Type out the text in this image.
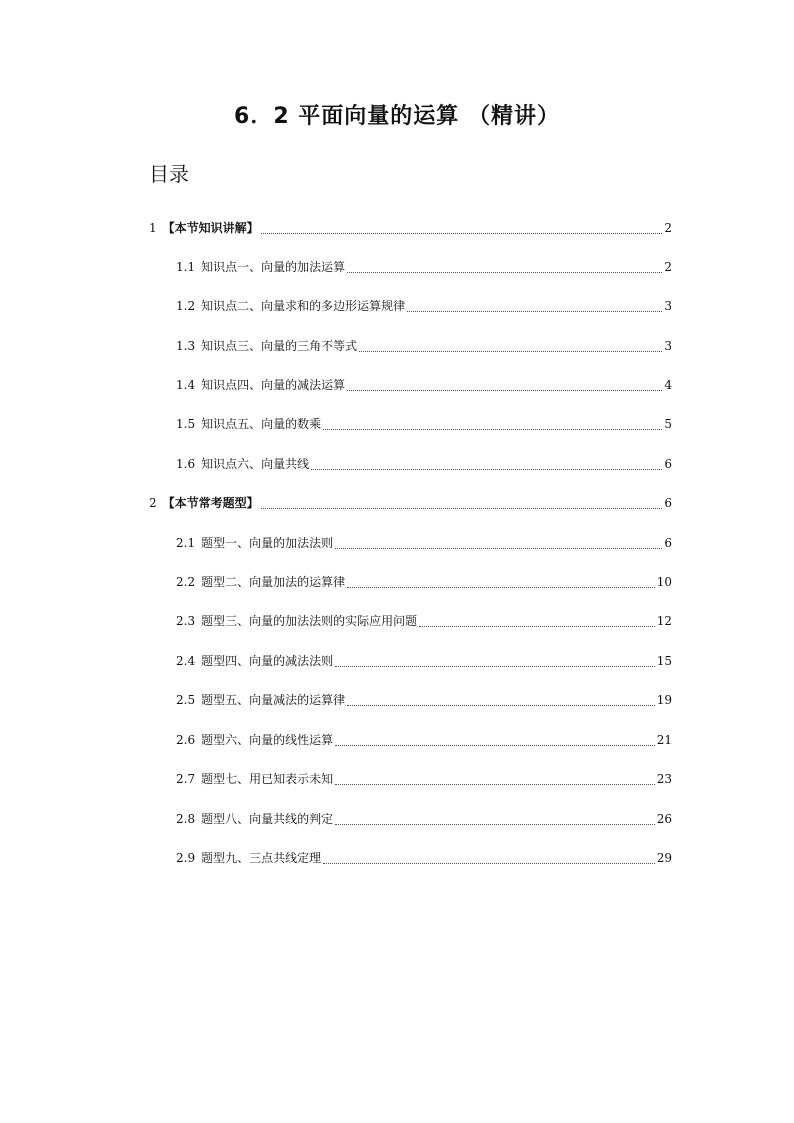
6．2 平面向量的运算 （精讲）
目录
1 【本节知识讲解】	2
1.1 知识点一、向量的加法运算	2
1.2 知识点二、向量求和的多边形运算规律	3
1.3 知识点三、向量的三角不等式	3
1.4 知识点四、向量的减法运算	4
1.5 知识点五、向量的数乘	5
1.6 知识点六、向量共线	6
2 【本节常考题型】	6
2.1 题型一、向量的加法法则	6
2.2 题型二、向量加法的运算律	10
2.3 题型三、向量的加法法则的实际应用问题	12
2.4 题型四、向量的减法法则	15
2.5 题型五、向量减法的运算律	19
2.6 题型六、向量的线性运算	21
2.7 题型七、用已知表示未知	23
2.8 题型八、向量共线的判定	26
2.9 题型九、三点共线定理	29
